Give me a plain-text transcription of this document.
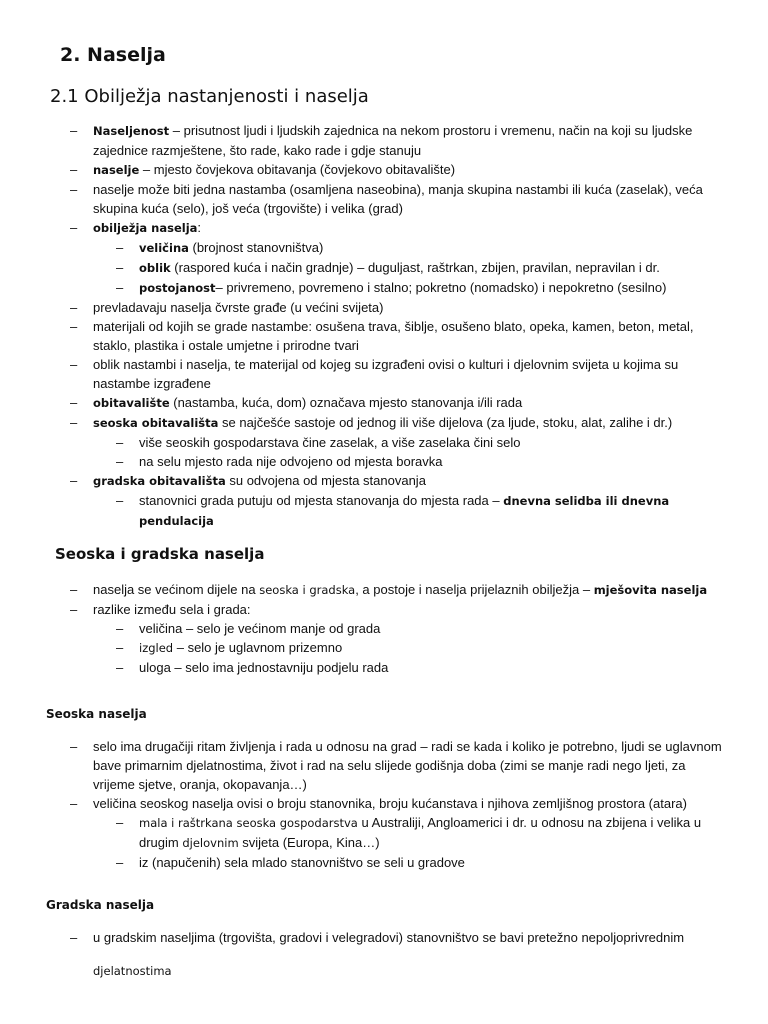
2. Naselja
2.1 Obilježja nastanjenosti i naselja
– Naseljenost – prisutnost ljudi i ljudskih zajednica na nekom prostoru i vremenu, način na koji su ljudske zajednice razmještene, što rade, kako rade i gdje stanuju
– naselje – mjesto čovjekova obitavanja (čovjekovo obitavalište)
– naselje može biti jedna nastamba (osamljena naseobina), manja skupina nastambi ili kuća (zaselak), veća skupina kuća (selo), još veća (trgovište) i velika (grad)
– obilježja naselja:
– veličina (brojnost stanovništva)
– oblik (raspored kuća i način gradnje) – duguljast, raštrkan, zbijen, pravilan, nepravilan i dr.
– postojanost– privremeno, povremeno i stalno; pokretno (nomadsko) i nepokretno (sesilno)
– prevladavaju naselja čvrste građe (u većini svijeta)
– materijali od kojih se grade nastambe: osušena trava, šiblje, osušeno blato, opeka, kamen, beton, metal, staklo, plastika i ostale umjetne i prirodne tvari
– oblik nastambi i naselja, te materijal od kojeg su izgrađeni ovisi o kulturi i djelovnim svijeta u kojima su nastambe izgrađene
– obitavalište (nastamba, kuća, dom) označava mjesto stanovanja i/ili rada
– seoska obitavališta se najčešće sastoje od jednog ili više dijelova (za ljude, stoku, alat, zalihe i dr.)
– više seoskih gospodarstava čine zaselak, a više zaselaka čini selo
– na selu mjesto rada nije odvojeno od mjesta boravka
– gradska obitavališta su odvojena od mjesta stanovanja
– stanovnici grada putuju od mjesta stanovanja do mjesta rada – dnevna selidba ili dnevna pendulacija
Seoska i gradska naselja
– naselja se većinom dijele na seoska i gradska, a postoje i naselja prijelaznih obilježja – mješovita naselja
– razlike između sela i grada:
– veličina – selo je većinom manje od grada
– izgled – selo je uglavnom prizemno
– uloga – selo ima jednostavniju podjelu rada
Seoska naselja
– selo ima drugačiji ritam življenja i rada u odnosu na grad – radi se kada i koliko je potrebno, ljudi se uglavnom bave primarnim djelatnostima, život i rad na selu slijede godišnja doba (zimi se manje radi nego ljeti, za vrijeme sjetve, oranja, okopavanja…)
– veličina seoskog naselja ovisi o broju stanovnika, broju kućanstava i njihova zemljišnog prostora (atara)
– mala i raštrkana seoska gospodarstva u Australiji, Angloamerici i dr. u odnosu na zbijena i velika u drugim djelovnim svijeta (Europa, Kina…)
– iz (napučenih) sela mlado stanovništvo se seli u gradove
Gradska naselja
– u gradskim naseljima (trgovišta, gradovi i velegradovi) stanovništvo se bavi pretežno nepoljoprivrednim
djelatnostima
